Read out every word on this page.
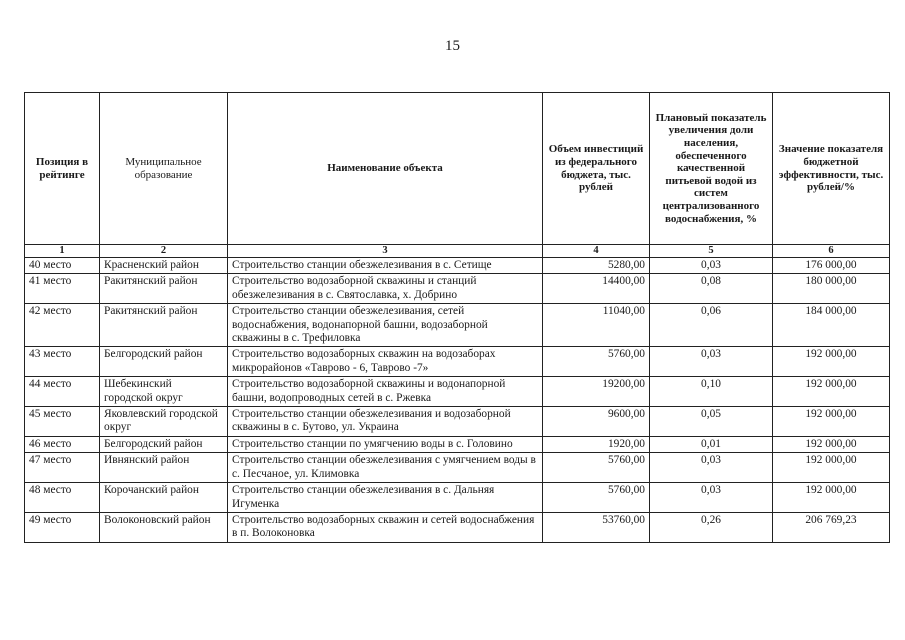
15
Позиция в рейтинге	Муниципальное образование	Наименование объекта	Объем инвестиций из федерального бюджета, тыс. рублей	Плановый показатель увеличения доли населения, обеспеченного качественной питьевой водой из систем централизованного водоснабжения, %	Значение показателя бюджетной эффективности, тыс. рублей/%
1	2	3	4	5	6
40 место	Красненский район	Строительство станции обезжелезивания в с. Сетище	5280,00	0,03	176 000,00
41 место	Ракитянский район	Строительство водозаборной скважины и станций обезжелезивания в с. Святославка, х. Добрино	14400,00	0,08	180 000,00
42 место	Ракитянский район	Строительство станции обезжелезивания, сетей водоснабжения, водонапорной башни, водозаборной скважины в с. Трефиловка	11040,00	0,06	184 000,00
43 место	Белгородский район	Строительство водозаборных скважин на водозаборах микрорайонов «Таврово - 6, Таврово -7»	5760,00	0,03	192 000,00
44 место	Шебекинский городской округ	Строительство водозаборной скважины и водонапорной башни, водопроводных сетей в с. Ржевка	19200,00	0,10	192 000,00
45 место	Яковлевский городской округ	Строительство станции обезжелезивания и водозаборной скважины в с. Бутово, ул. Украина	9600,00	0,05	192 000,00
46 место	Белгородский район	Строительство станции по умягчению воды в с. Головино	1920,00	0,01	192 000,00
47 место	Ивнянский район	Строительство станции обезжелезивания с умягчением воды в с. Песчаное, ул. Климовка	5760,00	0,03	192 000,00
48 место	Корочанский район	Строительство станции обезжелезивания в с. Дальняя Игуменка	5760,00	0,03	192 000,00
49 место	Волоконовский район	Строительство водозаборных скважин и сетей водоснабжения в п. Волоконовка	53760,00	0,26	206 769,23
